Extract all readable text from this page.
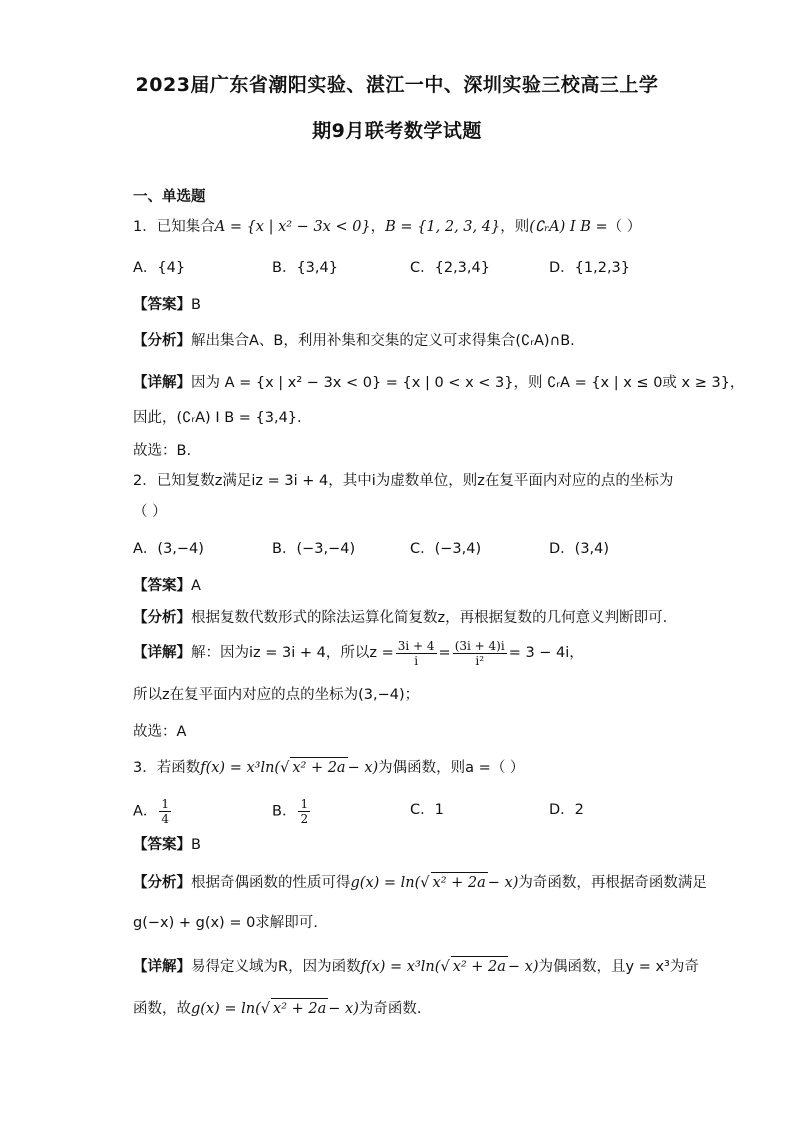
2023届广东省潮阳实验、湛江一中、深圳实验三校高三上学
期9月联考数学试题
一、单选题
1．已知集合A = {x | x² − 3x < 0}，B = {1, 2, 3, 4}，则(∁ᵣA) I B =（ ）
A．{4}	B．{3,4}	C．{2,3,4}	D．{1,2,3}
【答案】B
【分析】解出集合A、B，利用补集和交集的定义可求得集合(∁ᵣA)∩B.
【详解】因为 A = {x | x² − 3x < 0} = {x | 0 < x < 3}，则 ∁ᵣA = {x | x ≤ 0或 x ≥ 3}，
因此，(∁ᵣA) I B = {3,4}.
故选：B.
2．已知复数z满足iz = 3i + 4，其中i为虚数单位，则z在复平面内对应的点的坐标为
（ ）
A．(3,−4)	B．(−3,−4)	C．(−3,4)	D．(3,4)
【答案】A
【分析】根据复数代数形式的除法运算化简复数z，再根据复数的几何意义判断即可.
【详解】解：因为iz = 3i + 4，所以$z = \frac{3i + 4}{i} = \frac{(3i + 4)i}{\text{i²}} = 3 - 4i$，
所以z在复平面内对应的点的坐标为(3,−4)；
故选：A
3．若函数f(x) = x³ln(√ x² + 2a − x)为偶函数，则a =（ ）
A． $\frac{1}{4}$	B． $\frac{1}{2}$	C．1	D．2
【答案】B
【分析】根据奇偶函数的性质可得g(x) = ln(√ x² + 2a − x)为奇函数，再根据奇函数满足
g(−x) + g(x) = 0求解即可.
【详解】易得定义域为R，因为函数f(x) = x³ln(√ x² + 2a − x)为偶函数，且y = x³为奇
函数，故g(x) = ln(√ x² + 2a − x)为奇函数.
